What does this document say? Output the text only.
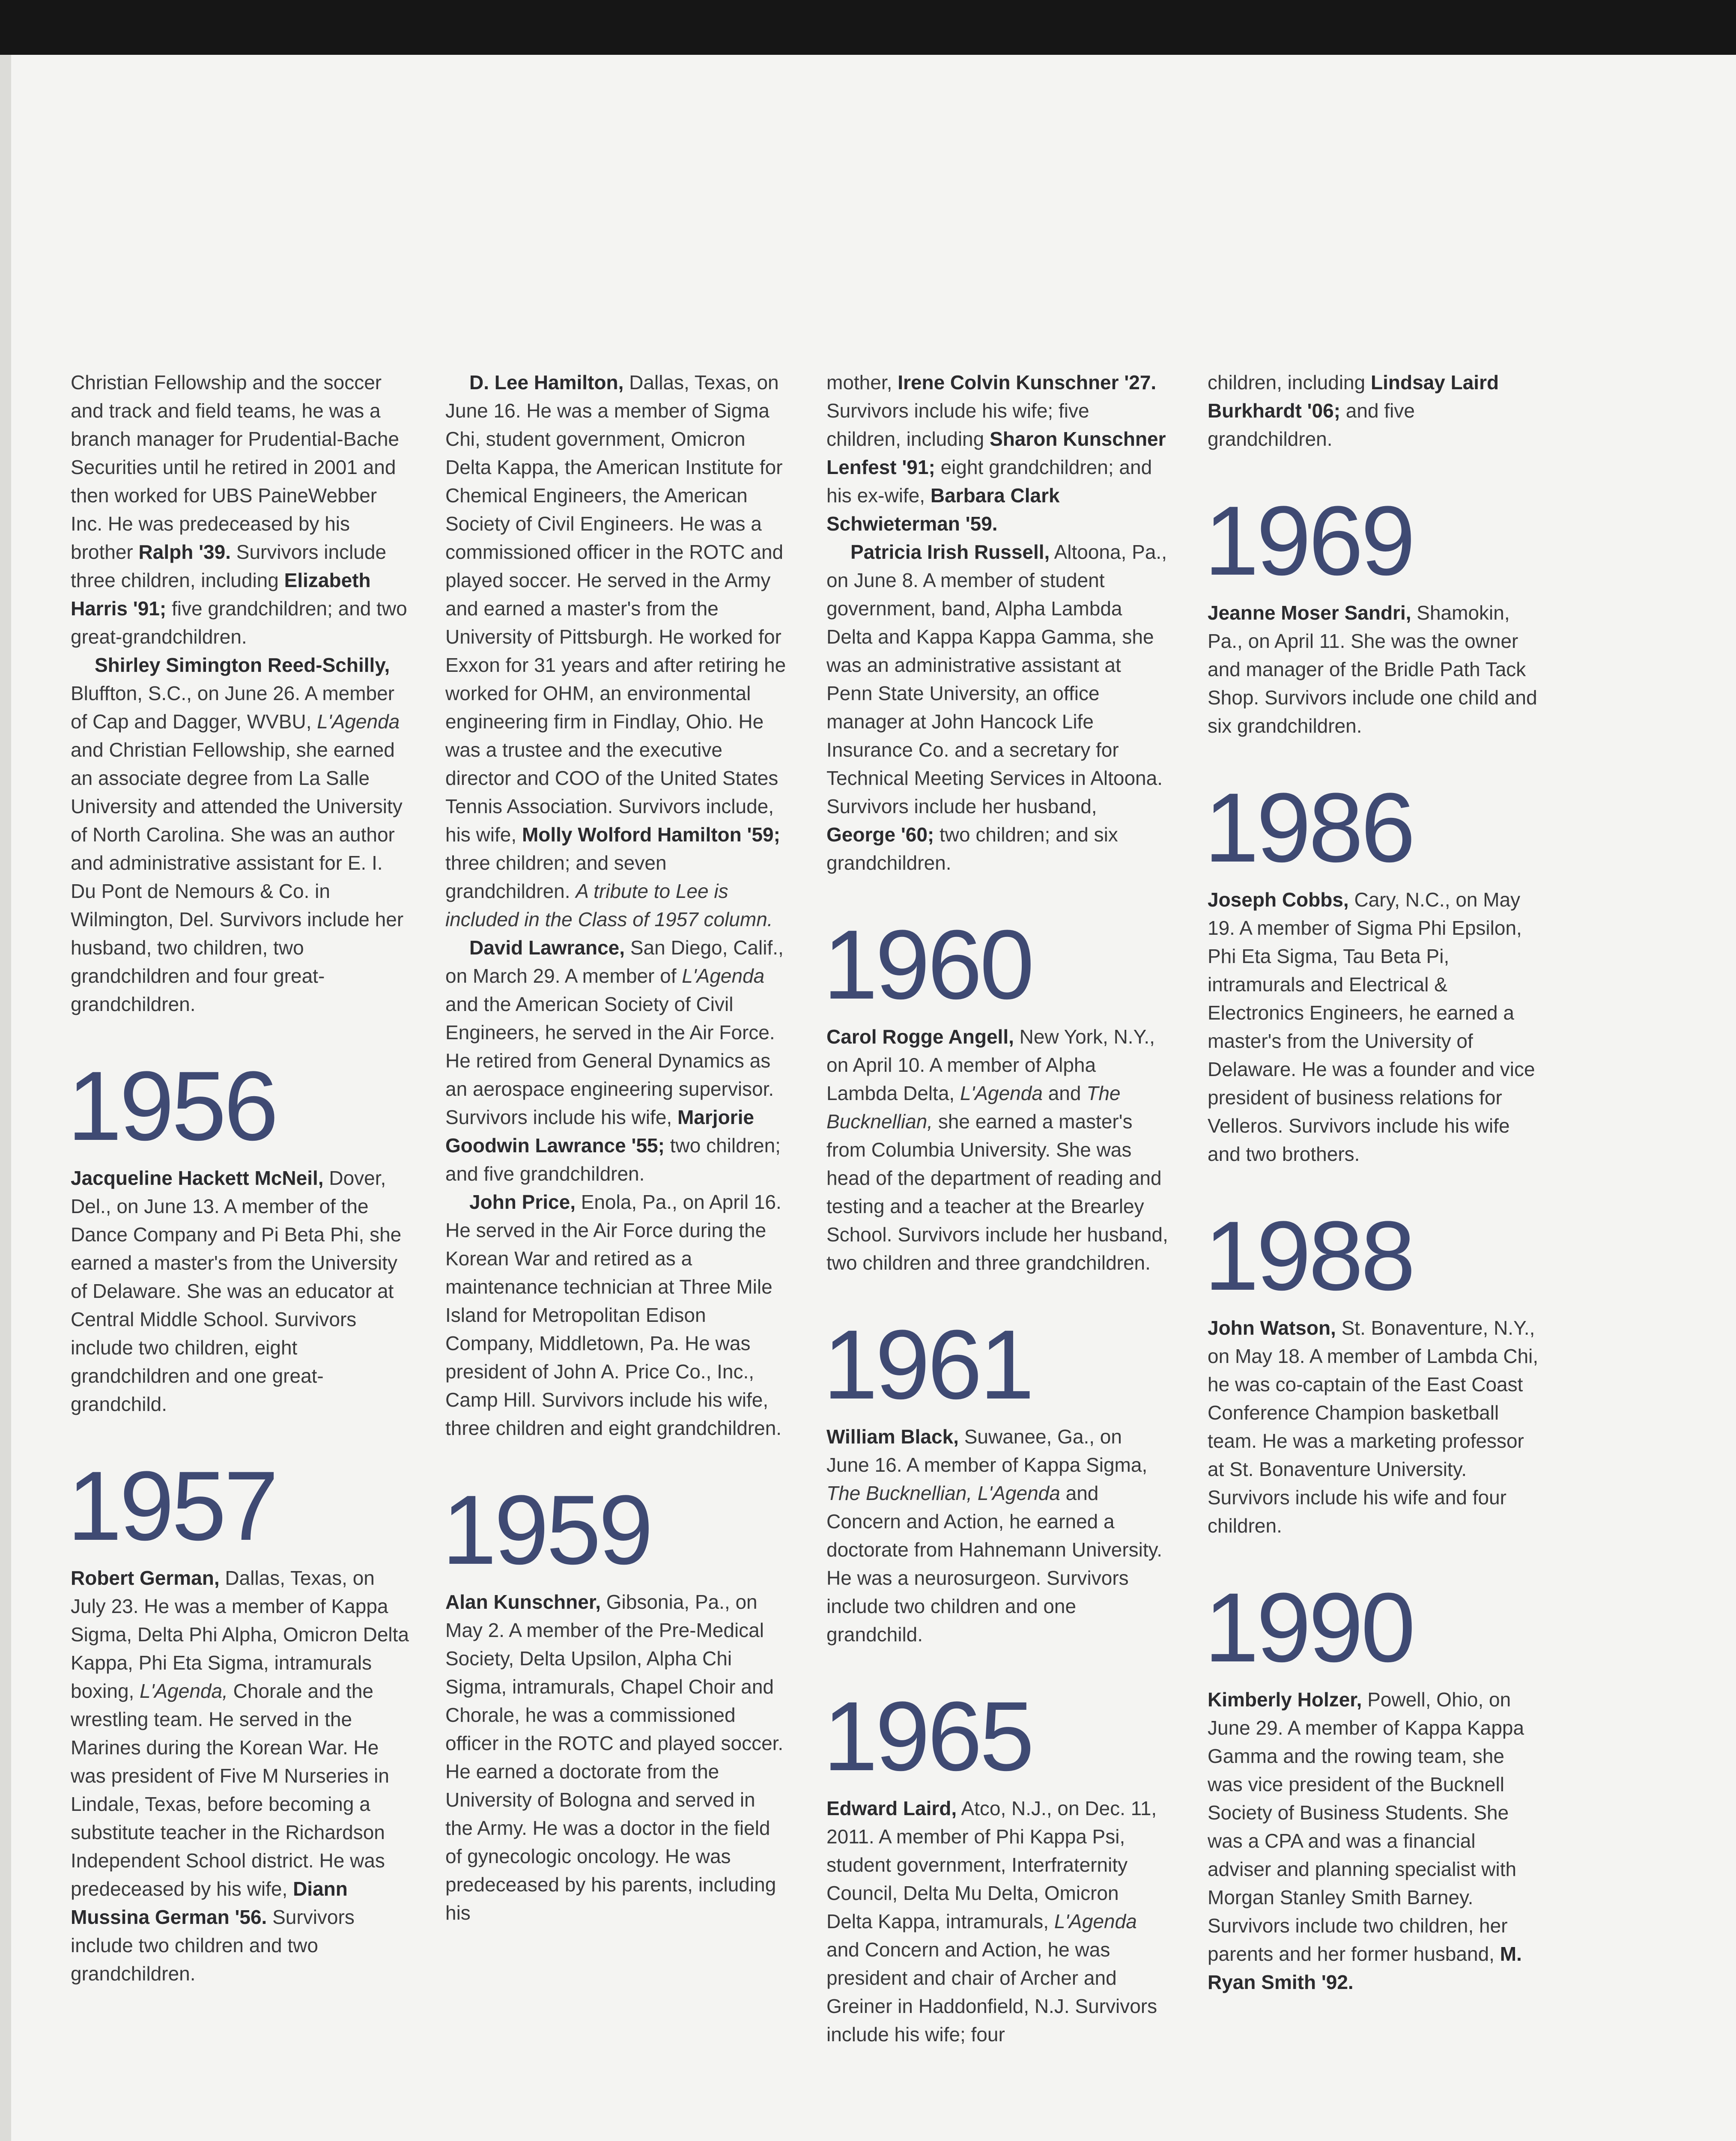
Christian Fellowship and the soccer and track and field teams, he was a branch manager for Prudential-Bache Securities until he retired in 2001 and then worked for UBS PaineWebber Inc. He was predeceased by his brother Ralph '39. Survivors include three children, including Elizabeth Harris '91; five grandchildren; and two great-grandchildren.

Shirley Simington Reed-Schilly, Bluffton, S.C., on June 26. A member of Cap and Dagger, WVBU, L'Agenda and Christian Fellowship, she earned an associate degree from La Salle University and attended the University of North Carolina. She was an author and administrative assistant for E. I. Du Pont de Nemours & Co. in Wilmington, Del. Survivors include her husband, two children, two grandchildren and four great-grandchildren.

1956

Jacqueline Hackett McNeil, Dover, Del., on June 13. A member of the Dance Company and Pi Beta Phi, she earned a master's from the University of Delaware. She was an educator at Central Middle School. Survivors include two children, eight grandchildren and one great-grandchild.

1957

Robert German, Dallas, Texas, on July 23. He was a member of Kappa Sigma, Delta Phi Alpha, Omicron Delta Kappa, Phi Eta Sigma, intramurals boxing, L'Agenda, Chorale and the wrestling team. He served in the Marines during the Korean War. He was president of Five M Nurseries in Lindale, Texas, before becoming a substitute teacher in the Richardson Independent School district. He was predeceased by his wife, Diann Mussina German '56. Survivors include two children and two grandchildren.

D. Lee Hamilton, Dallas, Texas, on June 16. He was a member of Sigma Chi, student government, Omicron Delta Kappa, the American Institute for Chemical Engineers, the American Society of Civil Engineers. He was a commissioned officer in the ROTC and played soccer. He served in the Army and earned a master's from the University of Pittsburgh. He worked for Exxon for 31 years and after retiring he worked for OHM, an environmental engineering firm in Findlay, Ohio. He was a trustee and the executive director and COO of the United States Tennis Association. Survivors include, his wife, Molly Wolford Hamilton '59; three children; and seven grandchildren. A tribute to Lee is included in the Class of 1957 column.

David Lawrance, San Diego, Calif., on March 29. A member of L'Agenda and the American Society of Civil Engineers, he served in the Air Force. He retired from General Dynamics as an aerospace engineering supervisor. Survivors include his wife, Marjorie Goodwin Lawrance '55; two children; and five grandchildren.

John Price, Enola, Pa., on April 16. He served in the Air Force during the Korean War and retired as a maintenance technician at Three Mile Island for Metropolitan Edison Company, Middletown, Pa. He was president of John A. Price Co., Inc., Camp Hill. Survivors include his wife, three children and eight grandchildren.

1959

Alan Kunschner, Gibsonia, Pa., on May 2. A member of the Pre-Medical Society, Delta Upsilon, Alpha Chi Sigma, intramurals, Chapel Choir and Chorale, he was a commissioned officer in the ROTC and played soccer. He earned a doctorate from the University of Bologna and served in the Army. He was a doctor in the field of gynecologic oncology. He was predeceased by his parents, including his

mother, Irene Colvin Kunschner '27. Survivors include his wife; five children, including Sharon Kunschner Lenfest '91; eight grandchildren; and his ex-wife, Barbara Clark Schwieterman '59.

Patricia Irish Russell, Altoona, Pa., on June 8. A member of student government, band, Alpha Lambda Delta and Kappa Kappa Gamma, she was an administrative assistant at Penn State University, an office manager at John Hancock Life Insurance Co. and a secretary for Technical Meeting Services in Altoona. Survivors include her husband, George '60; two children; and six grandchildren.

1960

Carol Rogge Angell, New York, N.Y., on April 10. A member of Alpha Lambda Delta, L'Agenda and The Bucknellian, she earned a master's from Columbia University. She was head of the department of reading and testing and a teacher at the Brearley School. Survivors include her husband, two children and three grandchildren.

1961

William Black, Suwanee, Ga., on June 16. A member of Kappa Sigma, The Bucknellian, L'Agenda and Concern and Action, he earned a doctorate from Hahnemann University. He was a neurosurgeon. Survivors include two children and one grandchild.

1965

Edward Laird, Atco, N.J., on Dec. 11, 2011. A member of Phi Kappa Psi, student government, Interfraternity Council, Delta Mu Delta, Omicron Delta Kappa, intramurals, L'Agenda and Concern and Action, he was president and chair of Archer and Greiner in Haddonfield, N.J. Survivors include his wife; four

children, including Lindsay Laird Burkhardt '06; and five grandchildren.

1969

Jeanne Moser Sandri, Shamokin, Pa., on April 11. She was the owner and manager of the Bridle Path Tack Shop. Survivors include one child and six grandchildren.

1986

Joseph Cobbs, Cary, N.C., on May 19. A member of Sigma Phi Epsilon, Phi Eta Sigma, Tau Beta Pi, intramurals and Electrical & Electronics Engineers, he earned a master's from the University of Delaware. He was a founder and vice president of business relations for Velleros. Survivors include his wife and two brothers.

1988

John Watson, St. Bonaventure, N.Y., on May 18. A member of Lambda Chi, he was co-captain of the East Coast Conference Champion basketball team. He was a marketing professor at St. Bonaventure University. Survivors include his wife and four children.

1990

Kimberly Holzer, Powell, Ohio, on June 29. A member of Kappa Kappa Gamma and the rowing team, she was vice president of the Bucknell Society of Business Students. She was a CPA and was a financial adviser and planning specialist with Morgan Stanley Smith Barney. Survivors include two children, her parents and her former husband, M. Ryan Smith '92.
